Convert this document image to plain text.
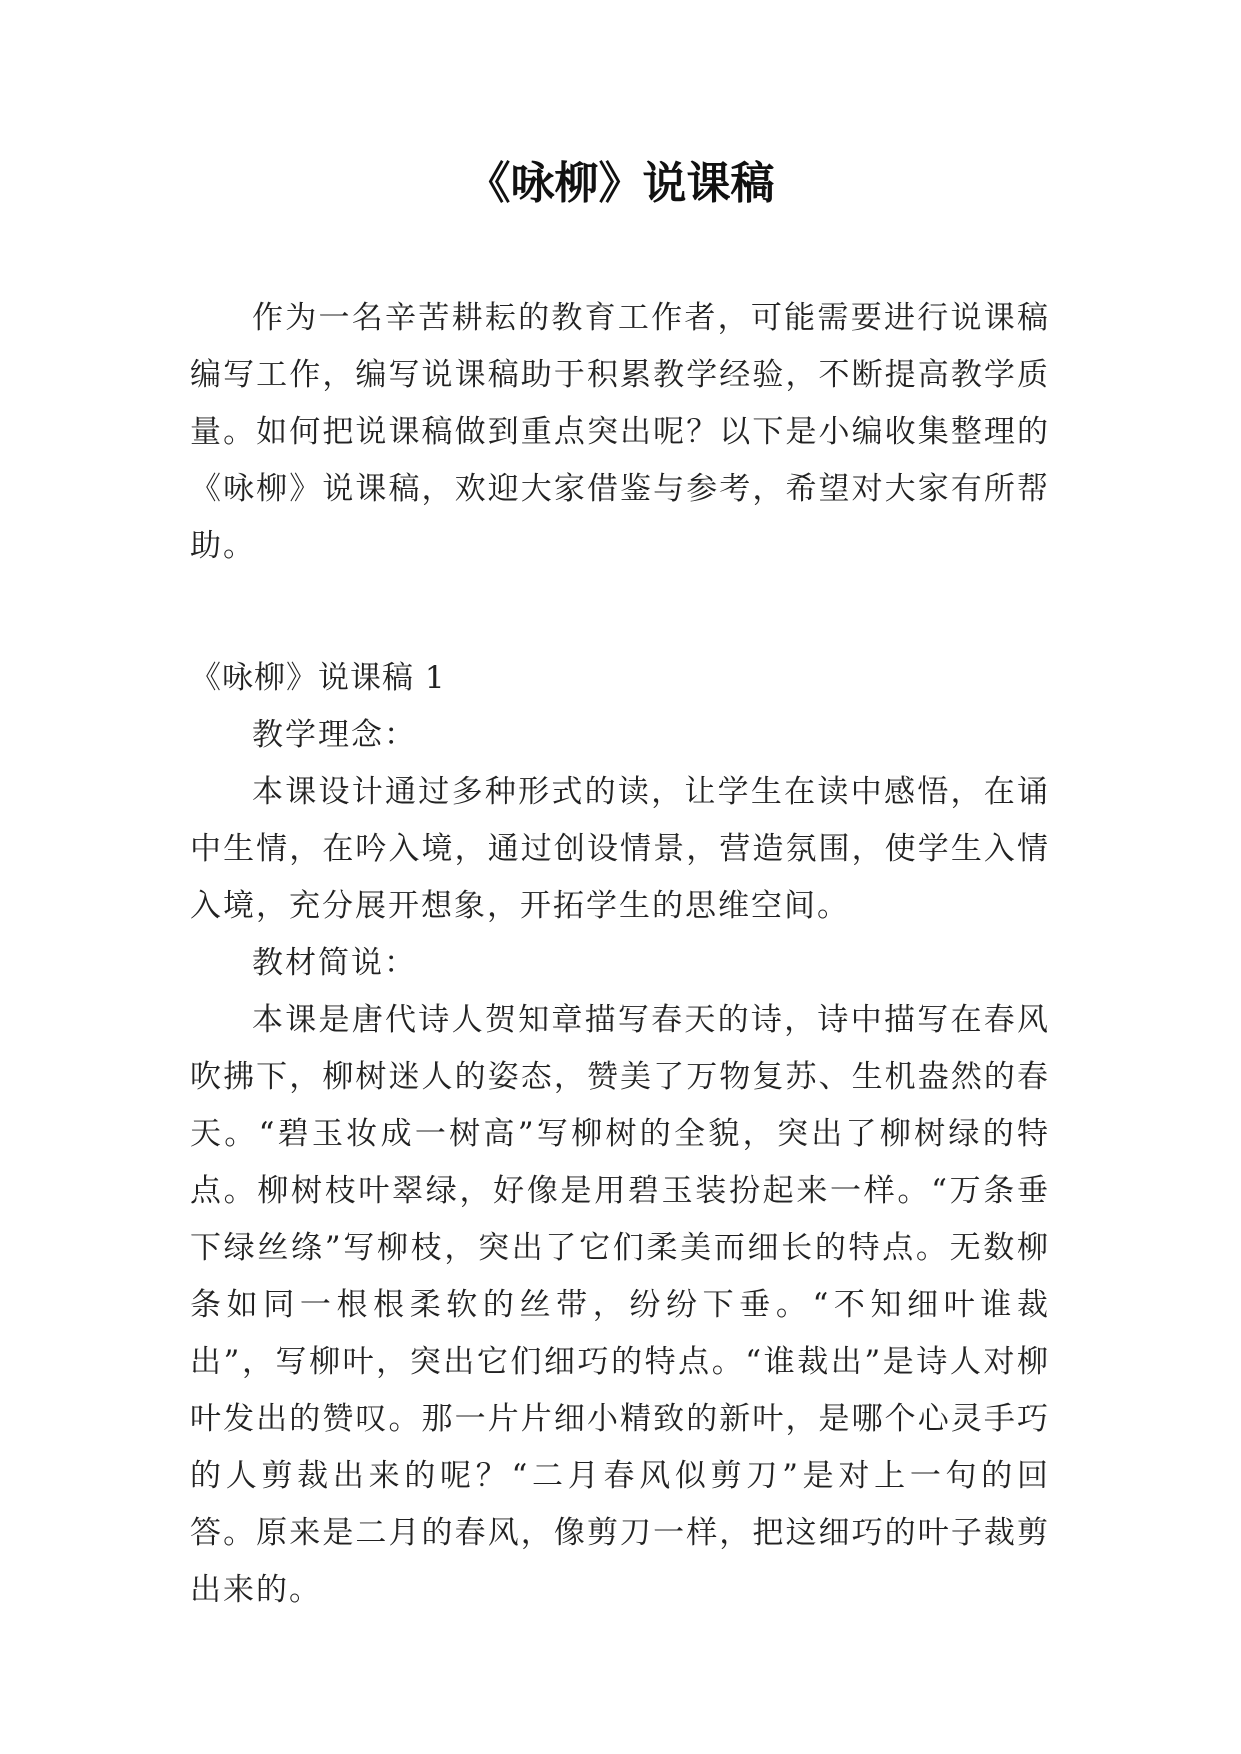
《咏柳》说课稿

作为一名辛苦耕耘的教育工作者，可能需要进行说课稿编写工作，编写说课稿助于积累教学经验，不断提高教学质量。如何把说课稿做到重点突出呢？以下是小编收集整理的《咏柳》说课稿，欢迎大家借鉴与参考，希望对大家有所帮助。

《咏柳》说课稿 1

教学理念：

本课设计通过多种形式的读，让学生在读中感悟，在诵中生情，在吟入境，通过创设情景，营造氛围，使学生入情入境，充分展开想象，开拓学生的思维空间。

教材简说：

本课是唐代诗人贺知章描写春天的诗，诗中描写在春风吹拂下，柳树迷人的姿态，赞美了万物复苏、生机盎然的春天。“碧玉妆成一树高”写柳树的全貌，突出了柳树绿的特点。柳树枝叶翠绿，好像是用碧玉装扮起来一样。“万条垂下绿丝绦”写柳枝，突出了它们柔美而细长的特点。无数柳条如同一根根柔软的丝带，纷纷下垂。“不知细叶谁裁出”，写柳叶，突出它们细巧的特点。“谁裁出”是诗人对柳叶发出的赞叹。那一片片细小精致的新叶，是哪个心灵手巧的人剪裁出来的呢？“二月春风似剪刀”是对上一句的回答。原来是二月的春风，像剪刀一样，把这细巧的叶子裁剪出来的。
